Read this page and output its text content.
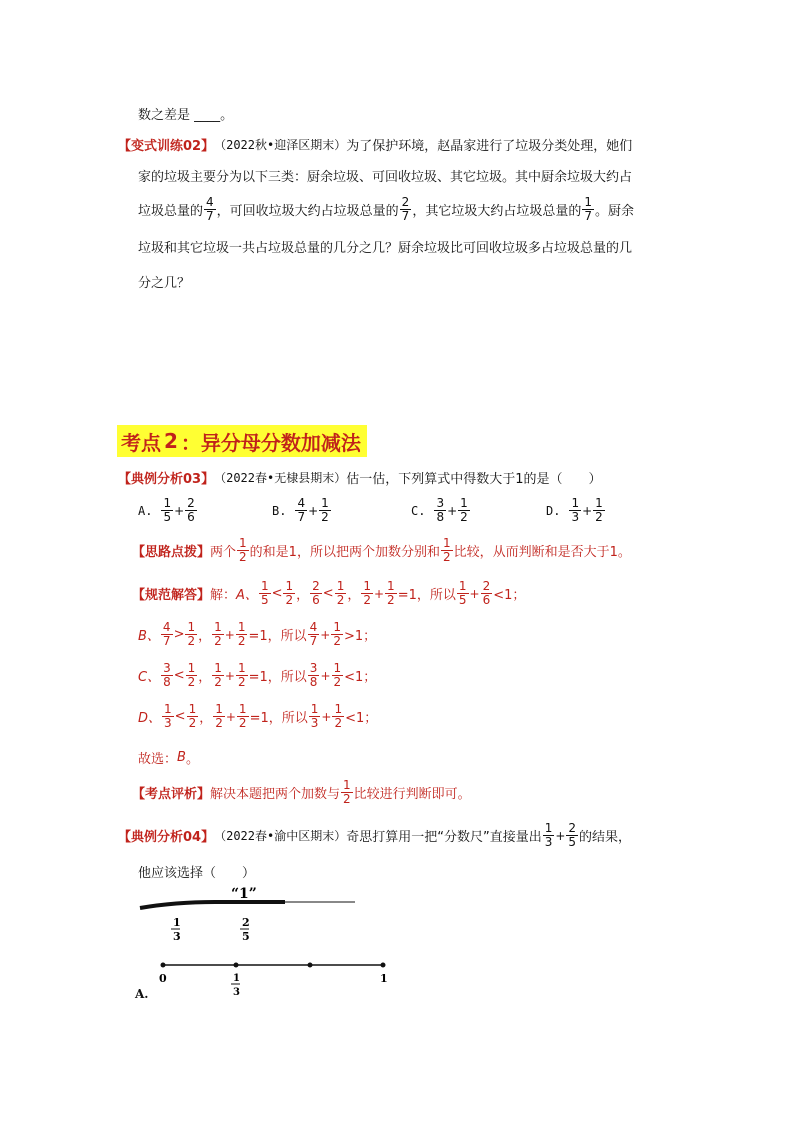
数之差是 ____。
【变式训练02】 （2022秋•迎泽区期末） 为了保护环境，赵晶家进行了垃圾分类处理，她们
家的垃圾主要分为以下三类：厨余垃圾、可回收垃圾、其它垃圾。其中厨余垃圾大约占
垃圾总量的 $\frac{4}{7}$ ，可回收垃圾大约占垃圾总量的 $\frac{2}{7}$ ，其它垃圾大约占垃圾总量的 $\frac{1}{7}$ 。厨余
垃圾和其它垃圾一共占垃圾总量的几分之几？厨余垃圾比可回收垃圾多占垃圾总量的几
分之几？
考点 2 ：异分母分数加减法
【典例分析03】 （2022春•无棣县期末） 估一估，下列算式中得数大于1的是（　　）
A. $\frac{1}{5} + \frac{2}{6}$	B. $\frac{4}{7} + \frac{1}{2}$	C. $\frac{3}{8} + \frac{1}{2}$	D. $\frac{1}{3} + \frac{1}{2}$
【思路点拨】 两个 $\frac{1}{2}$ 的和是1，所以把两个加数分别和 $\frac{1}{2}$ 比较，从而判断和是否大于1。
【规范解答】 解： A、 $\frac{1}{5} < \frac{1}{2}$ ， $\frac{2}{6} < \frac{1}{2}$ ， $\frac{1}{2} + \frac{1}{2} =1$，所以 $\frac{1}{5} + \frac{2}{6} <1$；
B、 $\frac{4}{7} > \frac{1}{2}$ ， $\frac{1}{2} + \frac{1}{2} =1$，所以 $\frac{4}{7} + \frac{1}{2} >1$；
C、 $\frac{3}{8} < \frac{1}{2}$ ， $\frac{1}{2} + \frac{1}{2} =1$，所以 $\frac{3}{8} + \frac{1}{2} <1$；
D、 $\frac{1}{3} < \frac{1}{2}$ ， $\frac{1}{2} + \frac{1}{2} =1$，所以 $\frac{1}{3} + \frac{1}{2} <1$；
故选： B 。
【考点评析】 解决本题把两个加数与 $\frac{1}{2}$ 比较进行判断即可。
【典例分析04】 （2022春•渝中区期末） 奇思打算用一把“分数尺”直接量出 $\frac{1}{3} + \frac{2}{5}$ 的结果，
他应该选择（　　）
“1”
1
3
2
5
0	1
3
1
A.
